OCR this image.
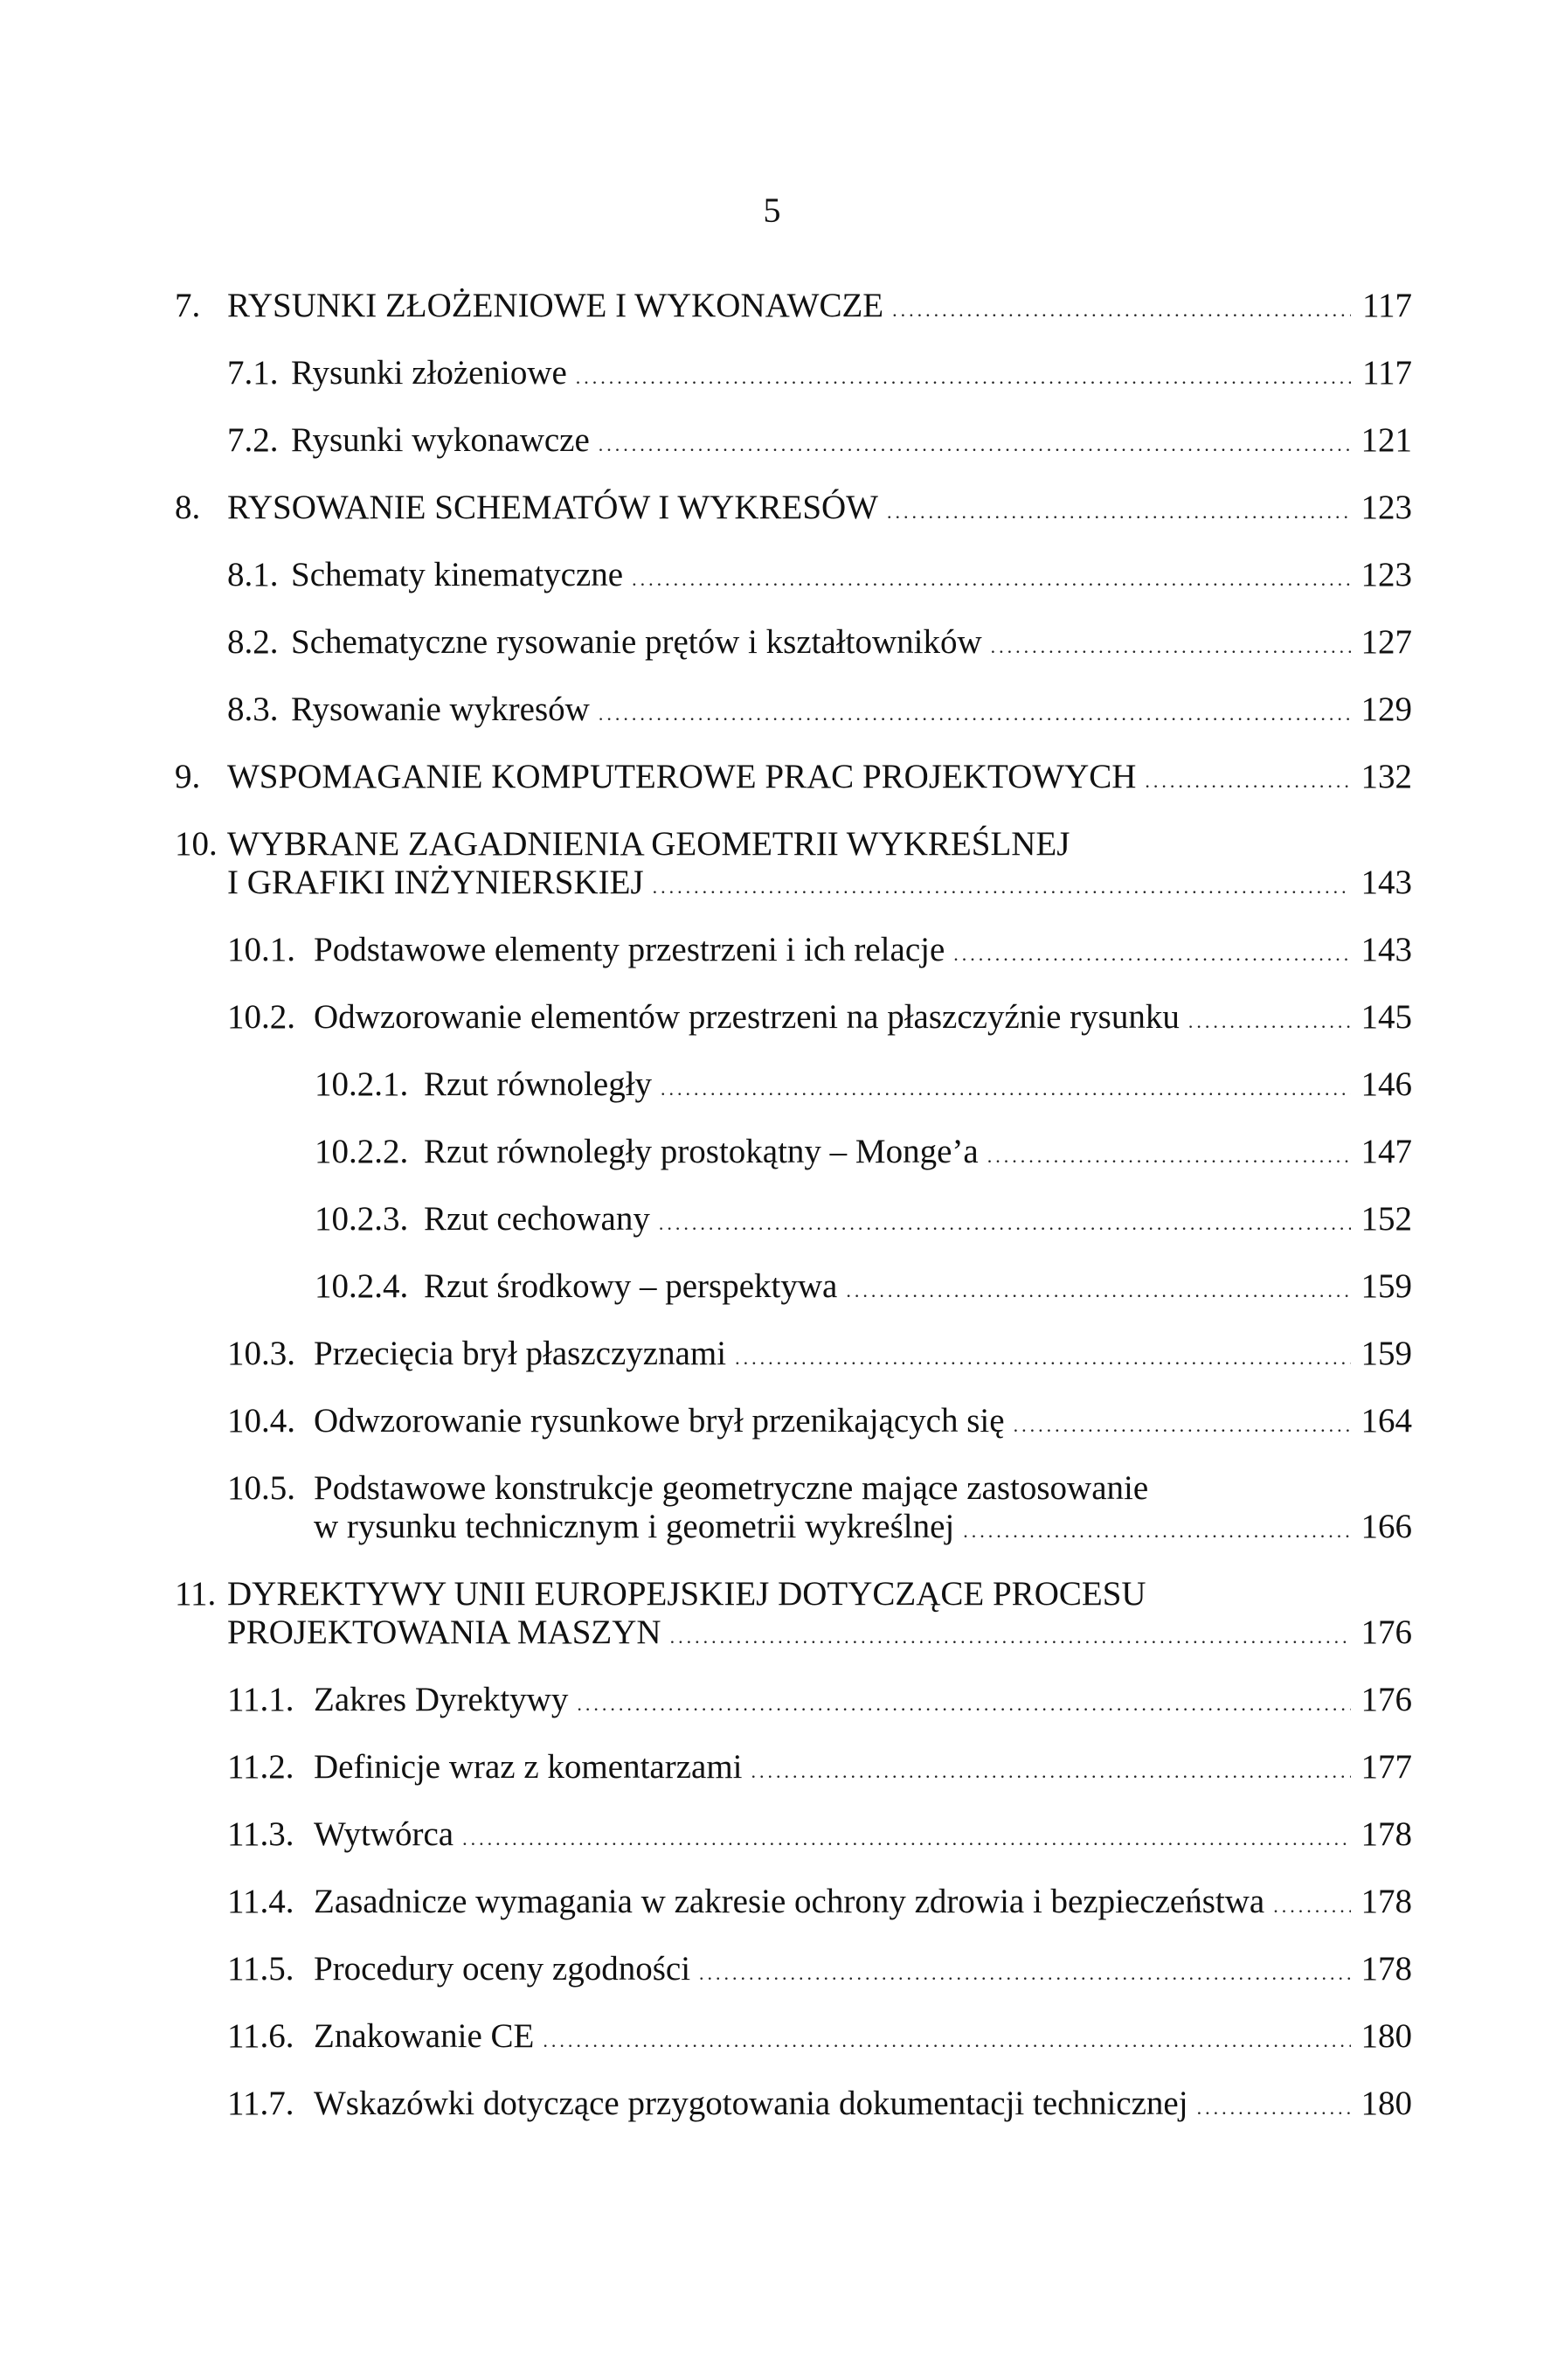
5
7. RYSUNKI ZŁOŻENIOWE I WYKONAWCZE .....	117
7.1. Rysunki złożeniowe .....	117
7.2. Rysunki wykonawcze .....	121
8. RYSOWANIE SCHEMATÓW I WYKRESÓW .....	123
8.1. Schematy kinematyczne .....	123
8.2. Schematyczne rysowanie prętów i kształtowników .....	127
8.3. Rysowanie wykresów .....	129
9. WSPOMAGANIE KOMPUTEROWE PRAC PROJEKTOWYCH .....	132
10. WYBRANE ZAGADNIENIA GEOMETRII WYKREŚLNEJ
I GRAFIKI INŻYNIERSKIEJ .....	143
10.1. Podstawowe elementy przestrzeni i ich relacje .....	143
10.2. Odwzorowanie elementów przestrzeni na płaszczyźnie rysunku .....	145
10.2.1. Rzut równoległy .....	146
10.2.2. Rzut równoległy prostokątny – Monge’a .....	147
10.2.3. Rzut cechowany .....	152
10.2.4. Rzut środkowy – perspektywa .....	159
10.3. Przecięcia brył płaszczyznami .....	159
10.4. Odwzorowanie rysunkowe brył przenikających się .....	164
10.5. Podstawowe konstrukcje geometryczne mające zastosowanie
w rysunku technicznym i geometrii wykreślnej .....	166
11. DYREKTYWY UNII EUROPEJSKIEJ DOTYCZĄCE PROCESU
PROJEKTOWANIA MASZYN .....	176
11.1. Zakres Dyrektywy .....	176
11.2. Definicje wraz z komentarzami .....	177
11.3. Wytwórca .....	178
11.4. Zasadnicze wymagania w zakresie ochrony zdrowia i bezpieczeństwa .....	178
11.5. Procedury oceny zgodności .....	178
11.6. Znakowanie CE .....	180
11.7. Wskazówki dotyczące przygotowania dokumentacji technicznej .....	180
